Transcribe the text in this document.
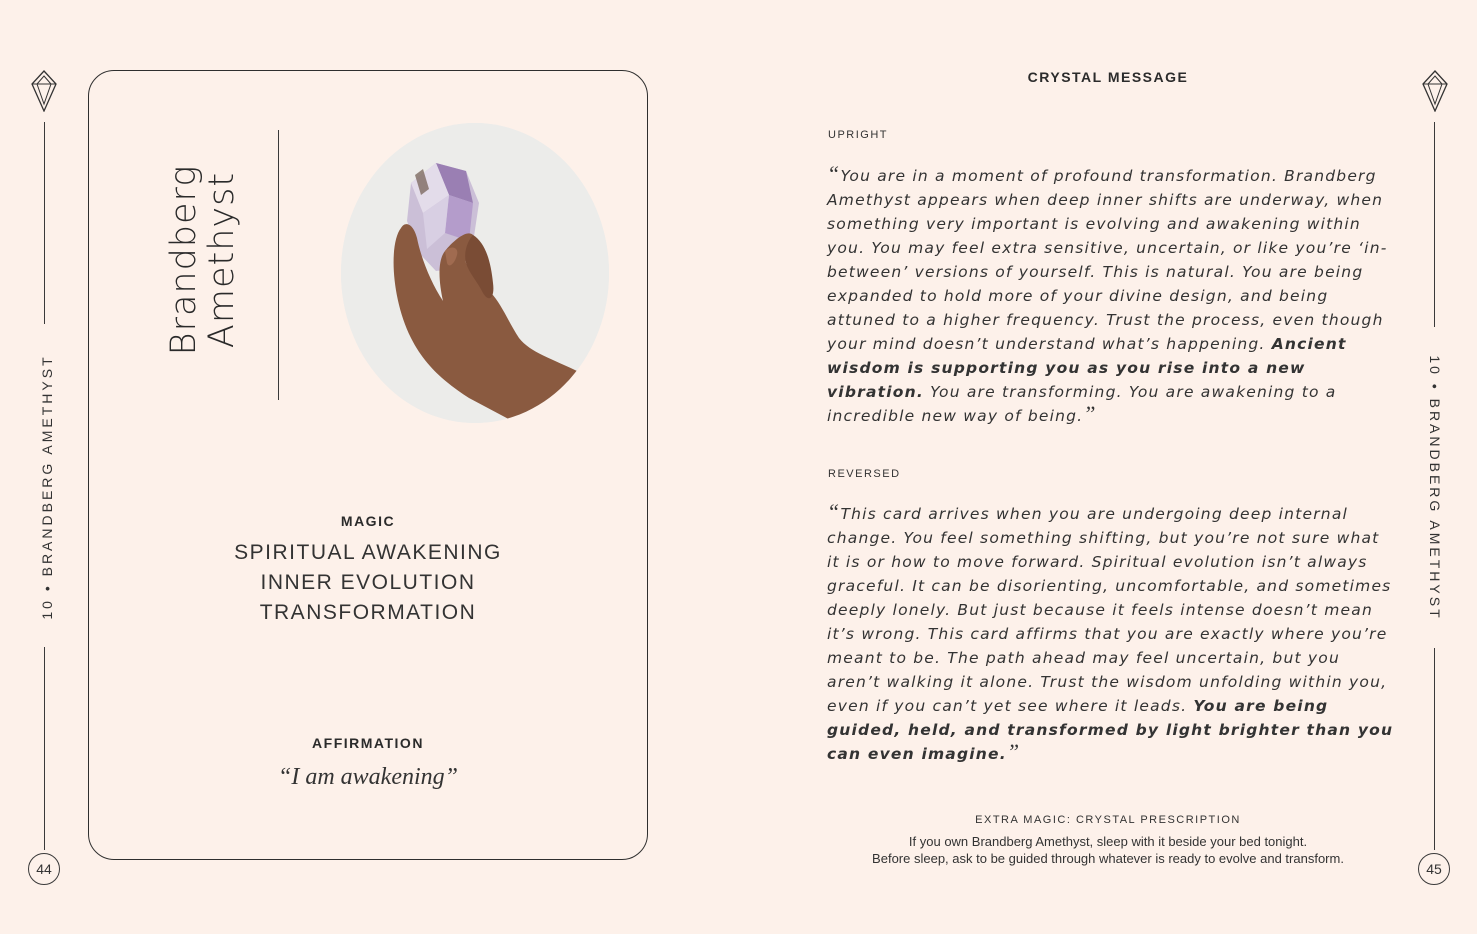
10 • BRANDBERG AMETHYST
44
Brandberg
Amethyst
MAGIC
SPIRITUAL AWAKENING
INNER EVOLUTION
TRANSFORMATION
AFFIRMATION
“I am awakening”
CRYSTAL MESSAGE
UPRIGHT
“You are in a moment of profound transformation. Brandberg Amethyst appears when deep inner shifts are underway, when something very important is evolving and awakening within you. You may feel extra sensitive, uncertain, or like you’re ‘in-between’ versions of yourself. This is natural. You are being expanded to hold more of your divine design, and being attuned to a higher frequency. Trust the process, even though your mind doesn’t understand what’s happening. Ancient wisdom is supporting you as you rise into a new vibration. You are transforming. You are awakening to a incredible new way of being.”
REVERSED
“This card arrives when you are undergoing deep internal change. You feel something shifting, but you’re not sure what it is or how to move forward. Spiritual evolution isn’t always graceful. It can be disorienting, uncomfortable, and sometimes deeply lonely. But just because it feels intense doesn’t mean it’s wrong. This card affirms that you are exactly where you’re meant to be. The path ahead may feel uncertain, but you aren’t walking it alone. Trust the wisdom unfolding within you, even if you can’t yet see where it leads. You are being guided, held, and transformed by light brighter than you can even imagine.”
EXTRA MAGIC: CRYSTAL PRESCRIPTION
If you own Brandberg Amethyst, sleep with it beside your bed tonight.
Before sleep, ask to be guided through whatever is ready to evolve and transform.
10 • BRANDBERG AMETHYST
45
